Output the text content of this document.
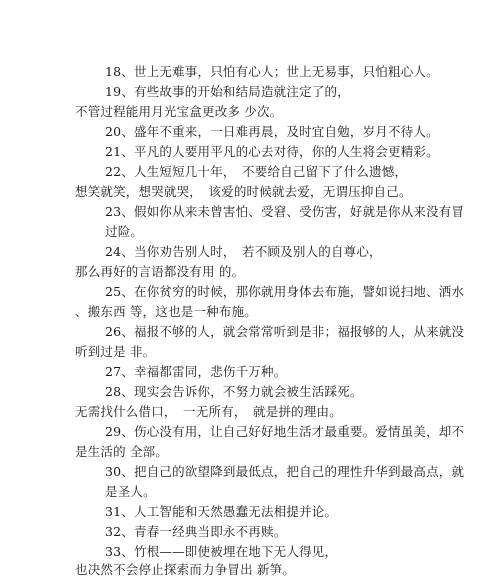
18、世上无难事，只怕有心人；世上无易事，只怕粗心人。
19、有些故事的开始和结局造就注定了的，
不管过程能用月光宝盒更改多 少次。
20、盛年不重来，一日难再晨，及时宜自勉，岁月不待人。
21、平凡的人要用平凡的心去对待，你的人生将会更精彩。
22、人生短短几十年，　不要给自己留下了什么遗憾，
想笑就笑，想哭就哭，　该爱的时候就去爱，无谓压抑自己。
23、假如你从来未曾害怕、受窘、受伤害，好就是你从来没有冒
过险。
24、当你劝告别人时，　若不顾及别人的自尊心，
那么再好的言语都没有用 的。
25、在你贫穷的时候，那你就用身体去布施，譬如说扫地、洒水
、搬东西 等，这也是一种布施。
26、福报不够的人，就会常常听到是非；福报够的人，从来就没
听到过是 非。
27、幸福都雷同，悲伤千万种。
28、现实会告诉你，不努力就会被生活踩死。
无需找什么借口，　一无所有，　就是拼的理由。
29、伤心没有用，让自己好好地生活才最重要。爱情虽美，却不
是生活的 全部。
30、把自己的欲望降到最低点，把自己的理性升华到最高点，就
是圣人。
31、人工智能和天然愚蠢无法相提并论。
32、青春一经典当即永不再赎。
33、竹根——即使被埋在地下无人得见，
也决然不会停止探索而力争冒出 新笋。
